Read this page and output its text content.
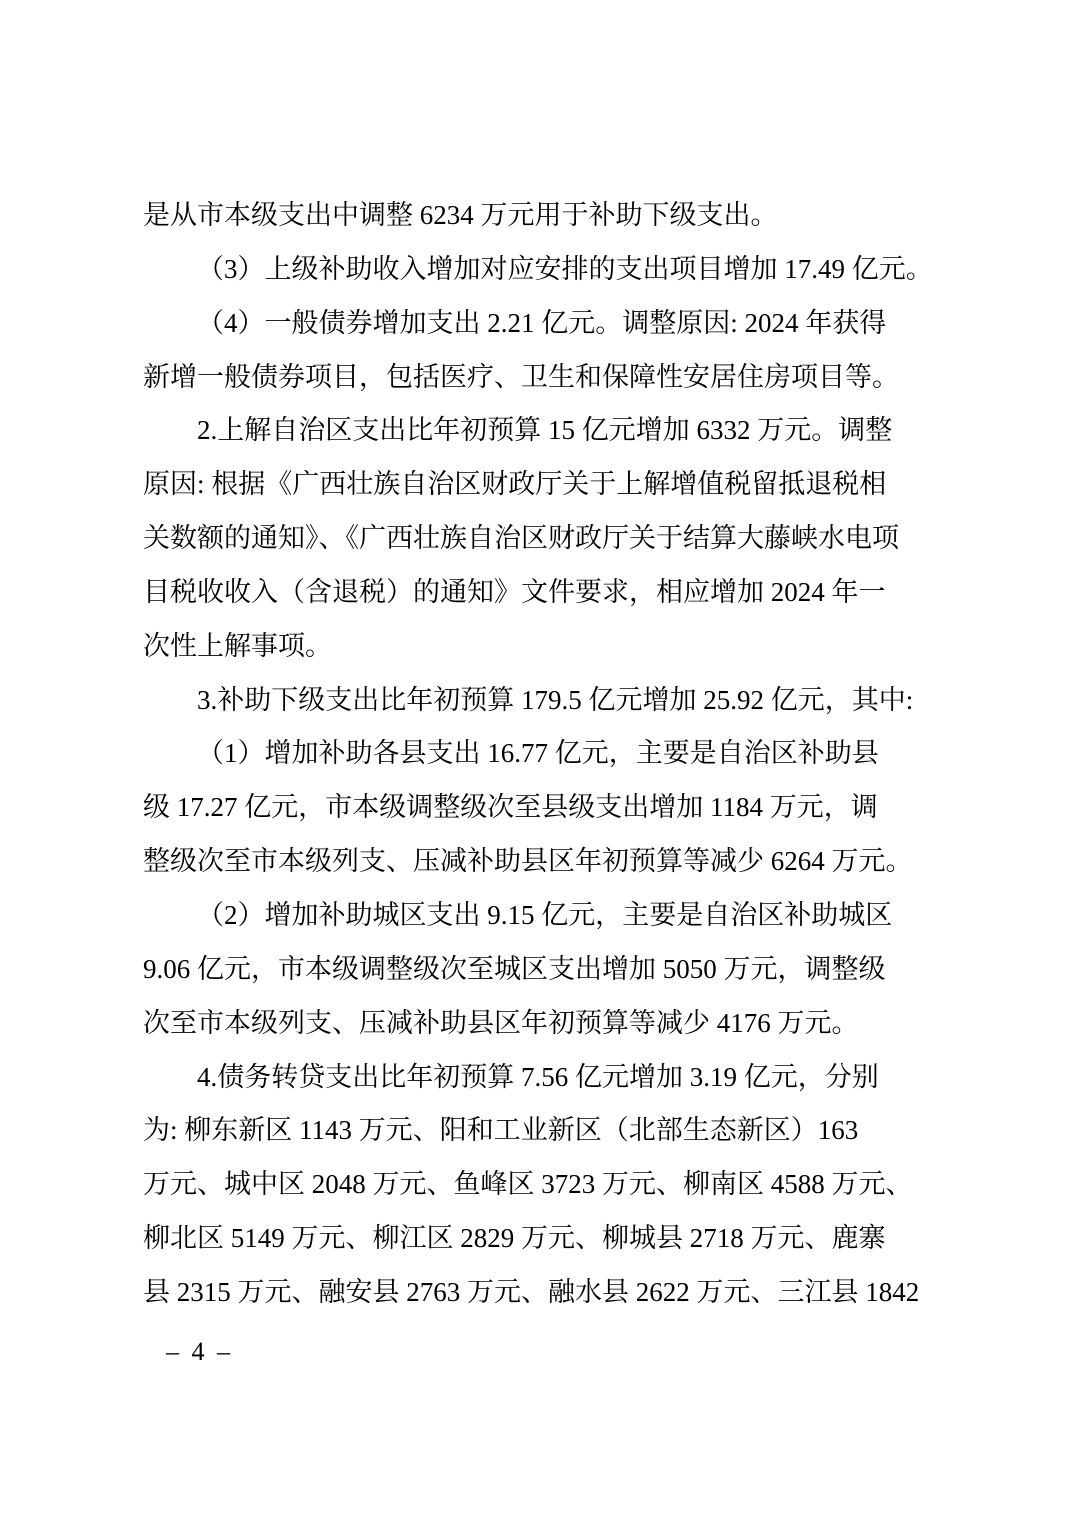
是从市本级支出中调整 6234 万元用于补助下级支出。
（3）上级补助收入增加对应安排的支出项目增加 17.49 亿元。
（4）一般债券增加支出 2.21 亿元。调整原因: 2024 年获得
新增一般债券项目，包括医疗、卫生和保障性安居住房项目等。
2.上解自治区支出比年初预算 15 亿元增加 6332 万元。调整
原因: 根据《广西壮族自治区财政厅关于上解增值税留抵退税相
关数额的通知》、《广西壮族自治区财政厅关于结算大藤峡水电项
目税收收入（含退税）的通知》文件要求，相应增加 2024 年一
次性上解事项。
3.补助下级支出比年初预算 179.5 亿元增加 25.92 亿元，其中:
（1）增加补助各县支出 16.77 亿元，主要是自治区补助县
级 17.27 亿元，市本级调整级次至县级支出增加 1184 万元，调
整级次至市本级列支、压减补助县区年初预算等减少 6264 万元。
（2）增加补助城区支出 9.15 亿元，主要是自治区补助城区
9.06 亿元，市本级调整级次至城区支出增加 5050 万元，调整级
次至市本级列支、压减补助县区年初预算等减少 4176 万元。
4.债务转贷支出比年初预算 7.56 亿元增加 3.19 亿元，分别
为: 柳东新区 1143 万元、阳和工业新区（北部生态新区）163
万元、城中区 2048 万元、鱼峰区 3723 万元、柳南区 4588 万元、
柳北区 5149 万元、柳江区 2829 万元、柳城县 2718 万元、鹿寨
县 2315 万元、融安县 2763 万元、融水县 2622 万元、三江县 1842
– 4 –
